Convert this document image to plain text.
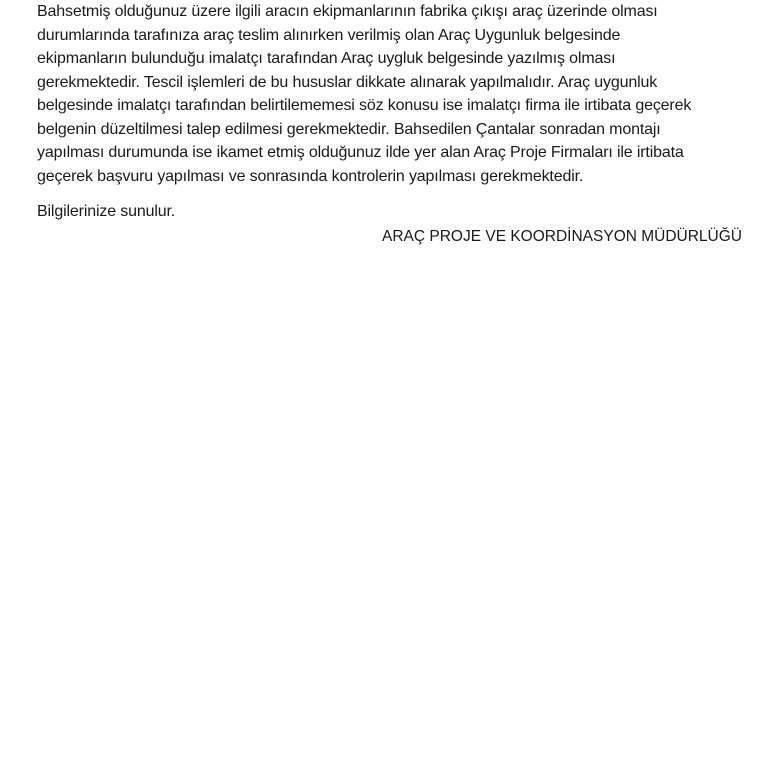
Bahsetmiş olduğunuz üzere ilgili aracın ekipmanlarının fabrika çıkışı araç üzerinde olması
durumlarında tarafınıza araç teslim alınırken verilmiş olan Araç Uygunluk belgesinde
ekipmanların bulunduğu imalatçı tarafından Araç uygluk belgesinde yazılmış olması
gerekmektedir. Tescil işlemleri de bu hususlar dikkate alınarak yapılmalıdır. Araç uygunluk
belgesinde imalatçı tarafından belirtilememesi söz konusu ise imalatçı firma ile irtibata geçerek
belgenin düzeltilmesi talep edilmesi gerekmektedir. Bahsedilen Çantalar sonradan montajı
yapılması durumunda ise ikamet etmiş olduğunuz ilde yer alan Araç Proje Firmaları ile irtibata
geçerek başvuru yapılması ve sonrasında kontrolerin yapılması gerekmektedir.
Bilgilerinize sunulur.
ARAÇ PROJE VE KOORDİNASYON MÜDÜRLÜĞÜ
